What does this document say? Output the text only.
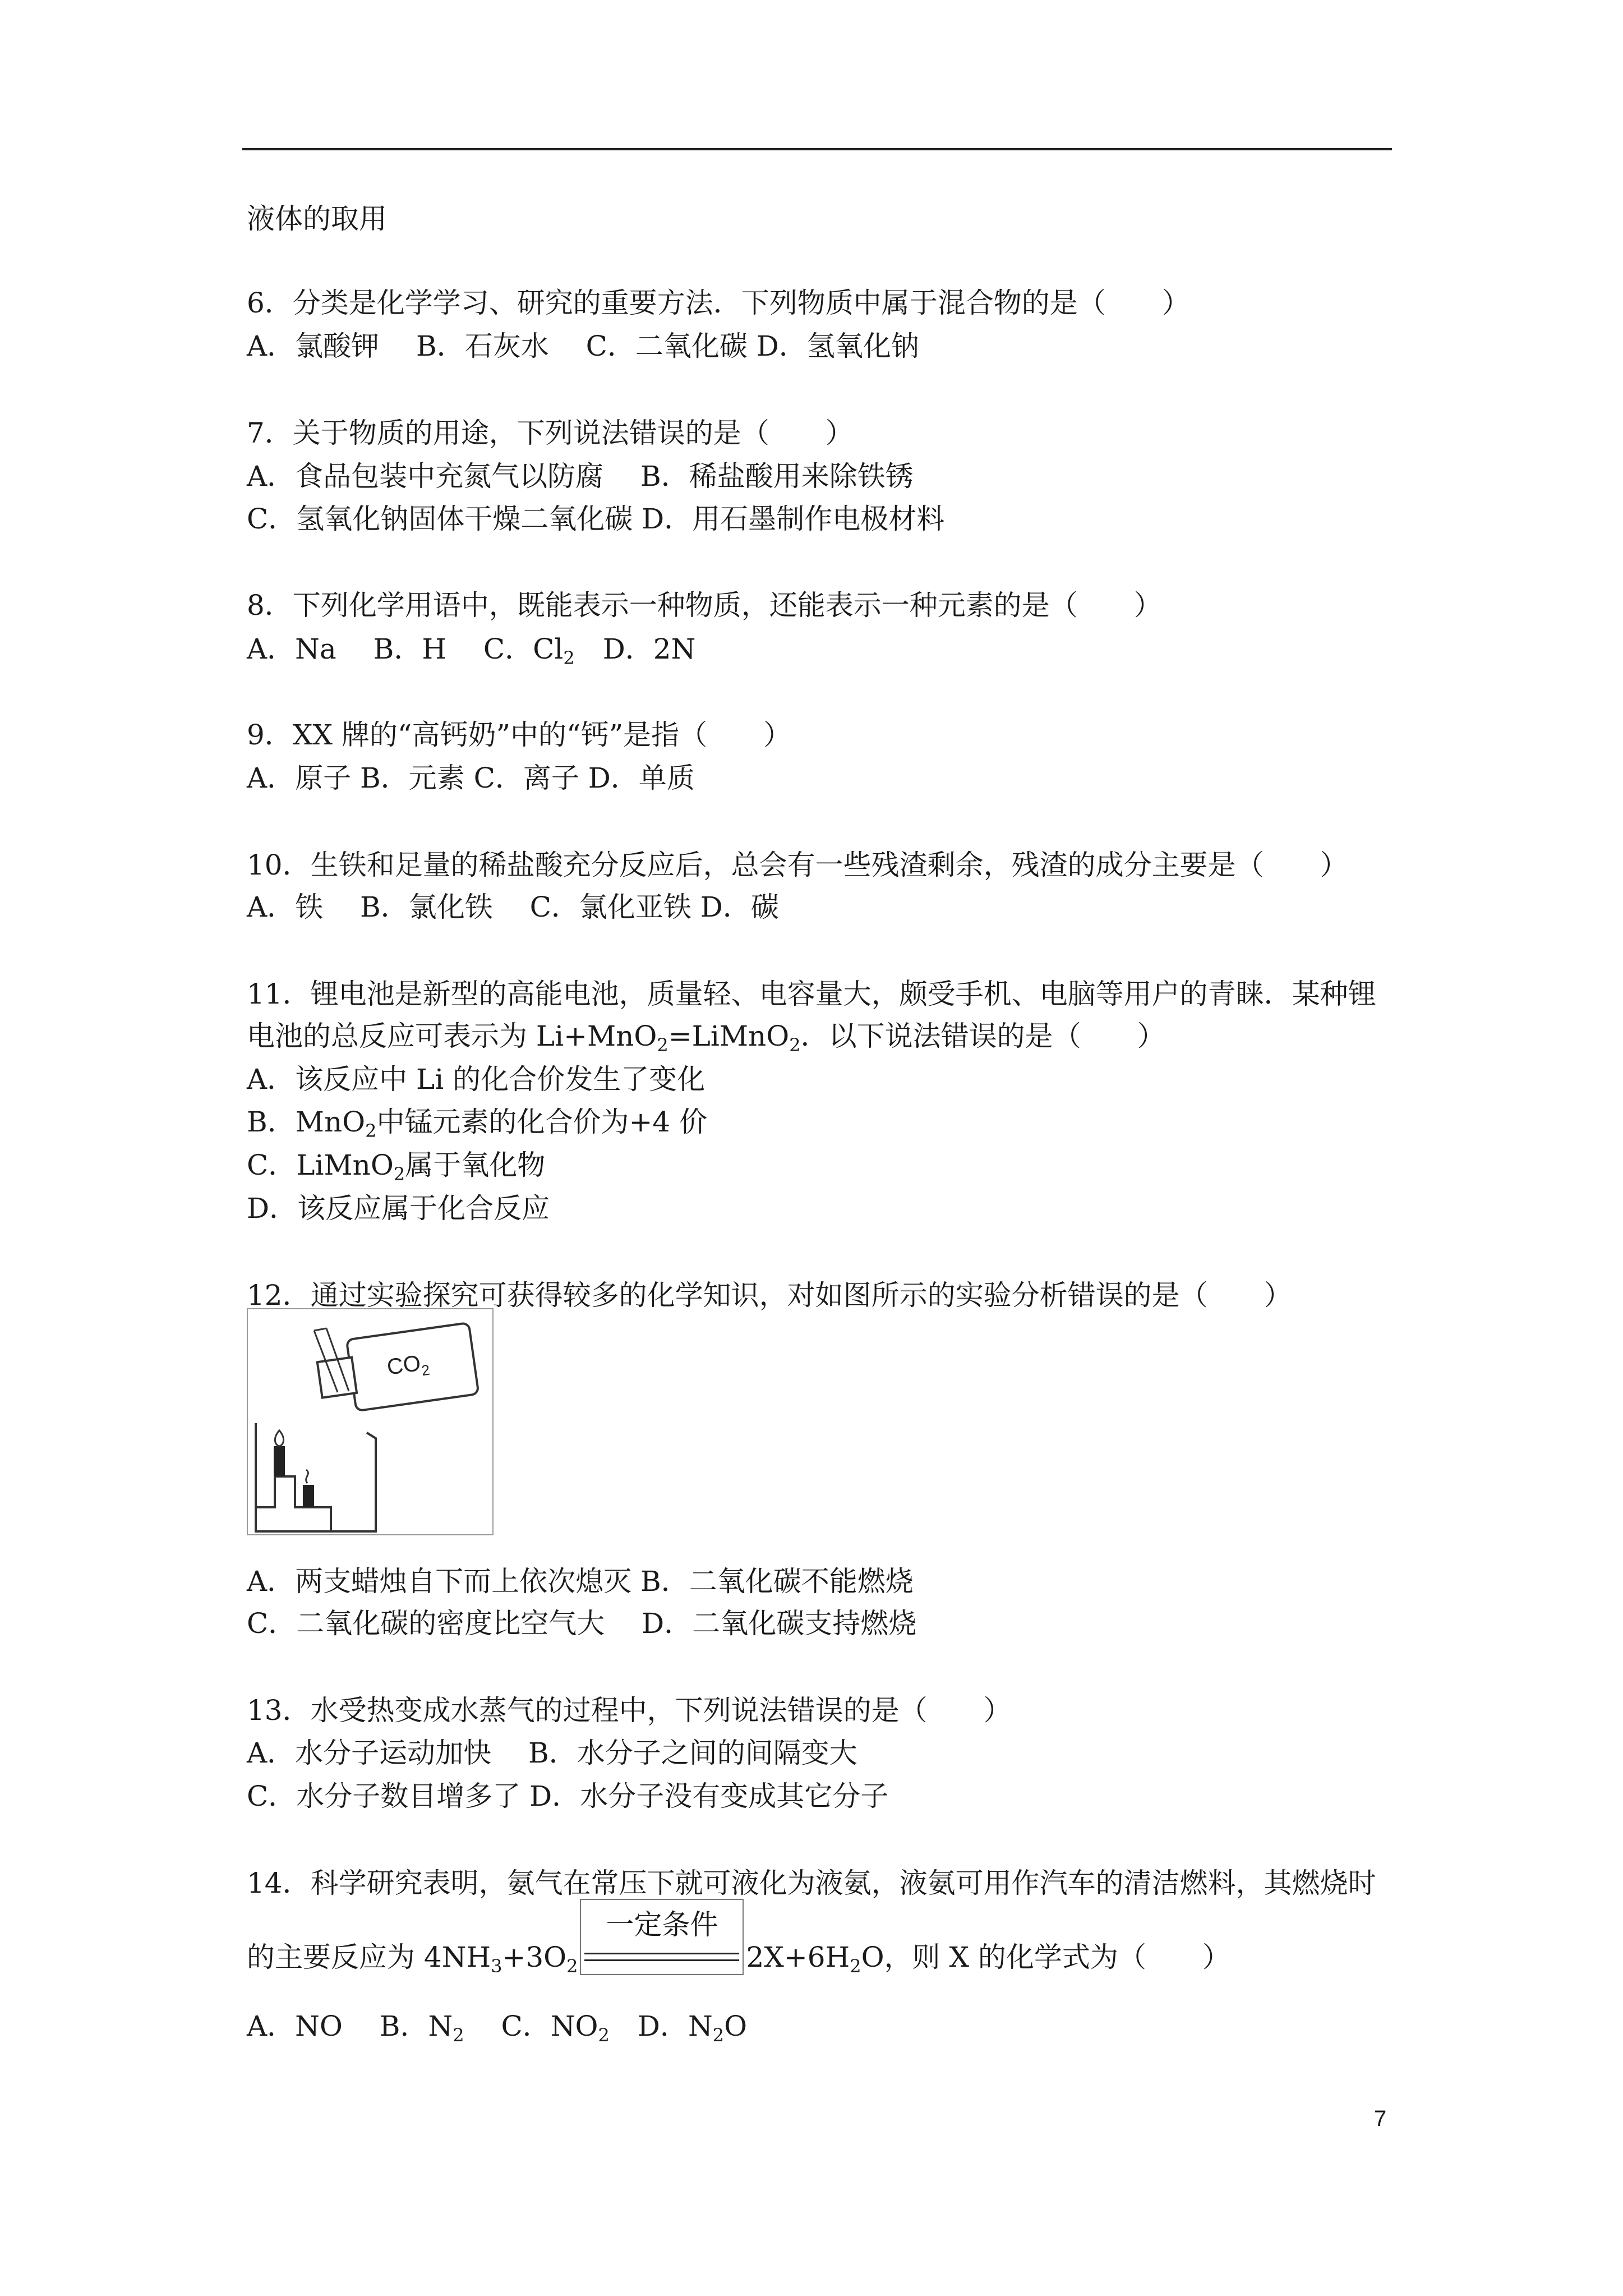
液体的取用
6．分类是化学学习、研究的重要方法．下列物质中属于混合物的是（　　）
A．氯酸钾　 B．石灰水　 C．二氧化碳 D．氢氧化钠
7．关于物质的用途，下列说法错误的是（　　）
A．食品包装中充氮气以防腐　 B．稀盐酸用来除铁锈
C．氢氧化钠固体干燥二氧化碳 D．用石墨制作电极材料
8．下列化学用语中，既能表示一种物质，还能表示一种元素的是（　　）
A．Na　 B．H　 C．$Cl_2$　 D．2N
9．XX 牌的“高钙奶”中的“钙”是指（　　）
A．原子 B．元素 C．离子 D．单质
10．生铁和足量的稀盐酸充分反应后，总会有一些残渣剩余，残渣的成分主要是（　　）
A．铁　 B．氯化铁　 C．氯化亚铁 D．碳
11．锂电池是新型的高能电池，质量轻、电容量大，颇受手机、电脑等用户的青睐．某种锂
电池的总反应可表示为 Li+MnO$_2$=LiMnO$_2$．以下说法错误的是（　　）
A．该反应中 Li 的化合价发生了变化
B．MnO$_2$中锰元素的化合价为+4 价
C．LiMnO$_2$属于氧化物
D．该反应属于化合反应
12．通过实验探究可获得较多的化学知识，对如图所示的实验分析错误的是（　　）
$CO_2$
A．两支蜡烛自下而上依次熄灭 B．二氧化碳不能燃烧
C．二氧化碳的密度比空气大　 D．二氧化碳支持燃烧
13．水受热变成水蒸气的过程中，下列说法错误的是（　　）
A．水分子运动加快　 B．水分子之间的间隔变大
C．水分子数目增多了 D．水分子没有变成其它分子
14．科学研究表明，氨气在常压下就可液化为液氨，液氨可用作汽车的清洁燃料，其燃烧时
的主要反应为 $4NH_3+3O_2$
一定条件
$2X+6H_2O$，则 X 的化学式为（　　）
A．NO　 B．$N_2$　 C．$NO_2$　 D．$N_2O$
7
